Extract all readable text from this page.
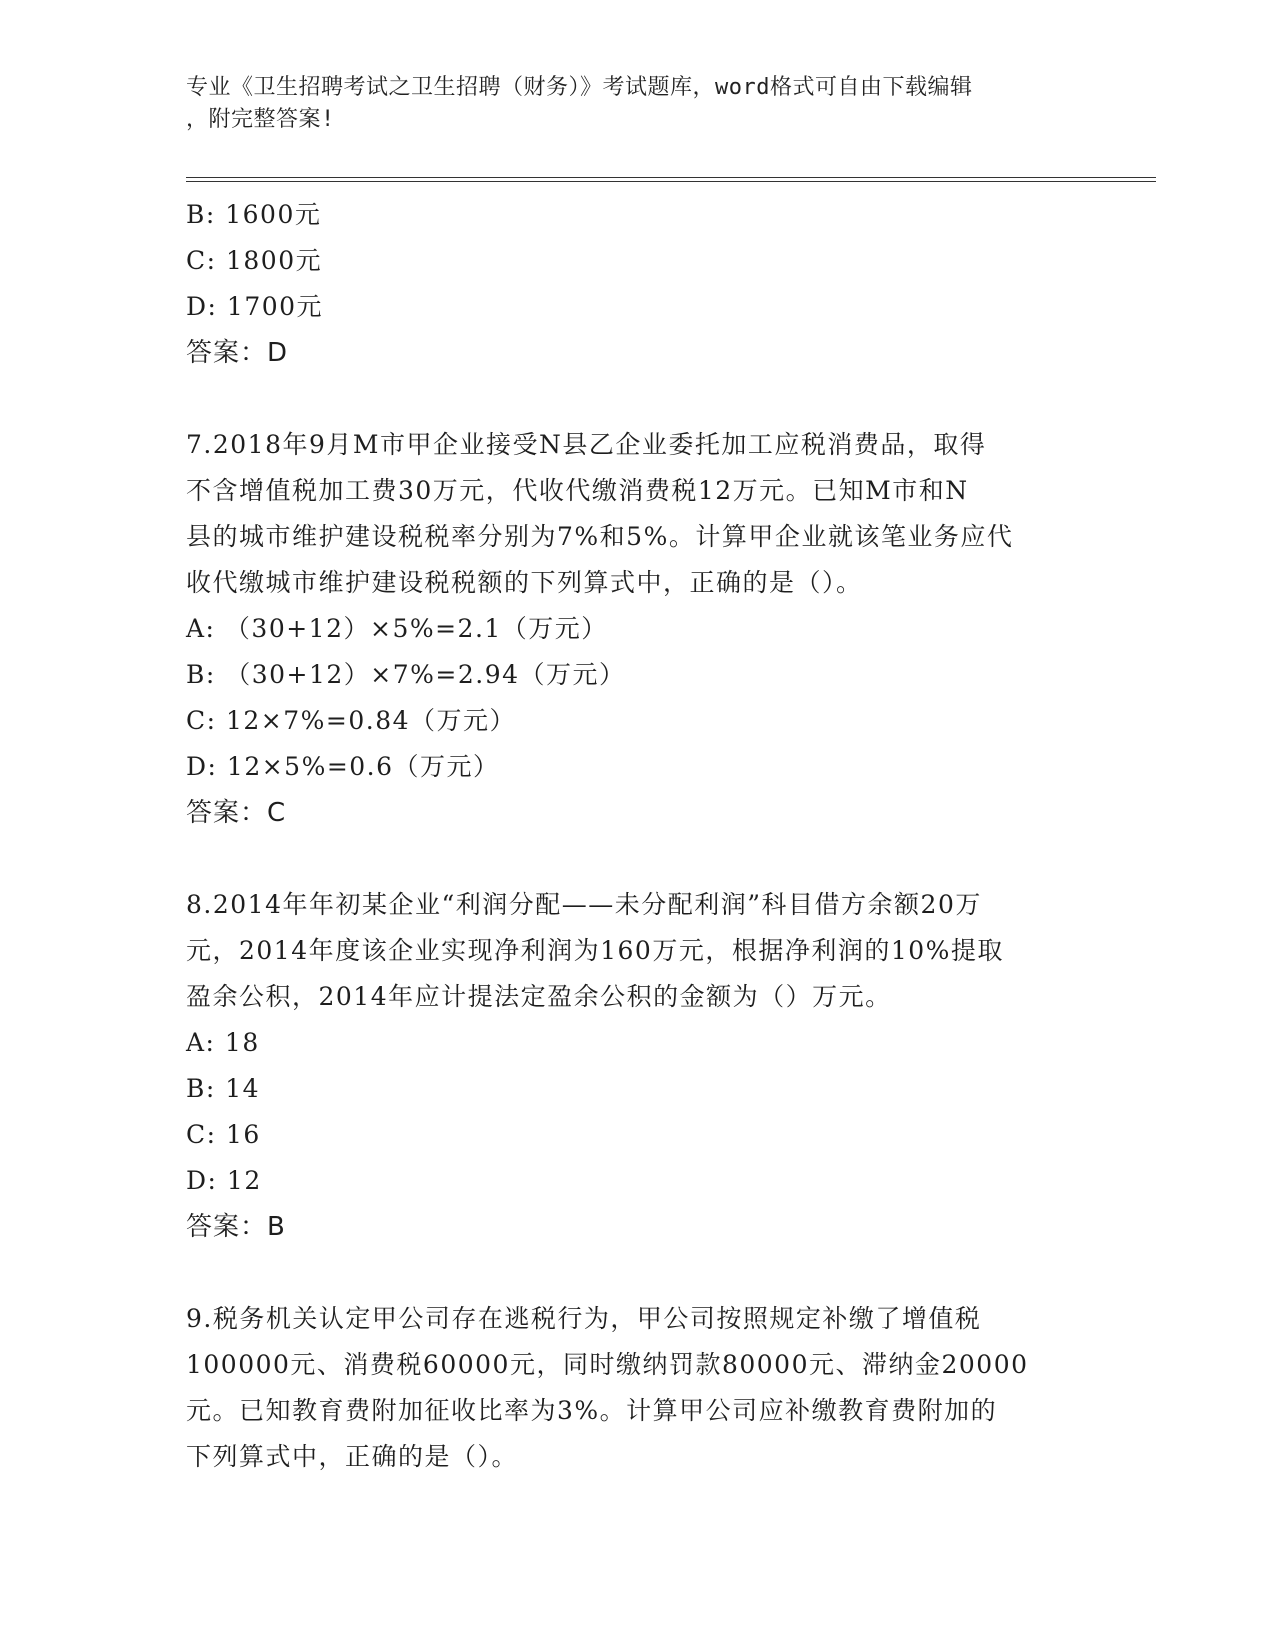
专业《卫生招聘考试之卫生招聘（财务）》考试题库，word格式可自由下载编辑
，附完整答案!
B: 1600元
C: 1800元
D: 1700元
答案：D
7.2018年9月M市甲企业接受N县乙企业委托加工应税消费品，取得
不含增值税加工费30万元，代收代缴消费税12万元。已知M市和N
县的城市维护建设税税率分别为7%和5%。计算甲企业就该笔业务应代
收代缴城市维护建设税税额的下列算式中，正确的是（）。
A: （30+12）×5%=2.1（万元）
B: （30+12）×7%=2.94（万元）
C: 12×7%=0.84（万元）
D: 12×5%=0.6（万元）
答案：C
8.2014年年初某企业“利润分配——未分配利润”科目借方余额20万
元，2014年度该企业实现净利润为160万元，根据净利润的10%提取
盈余公积，2014年应计提法定盈余公积的金额为（）万元。
A: 18
B: 14
C: 16
D: 12
答案：B
9.税务机关认定甲公司存在逃税行为，甲公司按照规定补缴了增值税
100000元、消费税60000元，同时缴纳罚款80000元、滞纳金20000
元。已知教育费附加征收比率为3%。计算甲公司应补缴教育费附加的
下列算式中，正确的是（）。
